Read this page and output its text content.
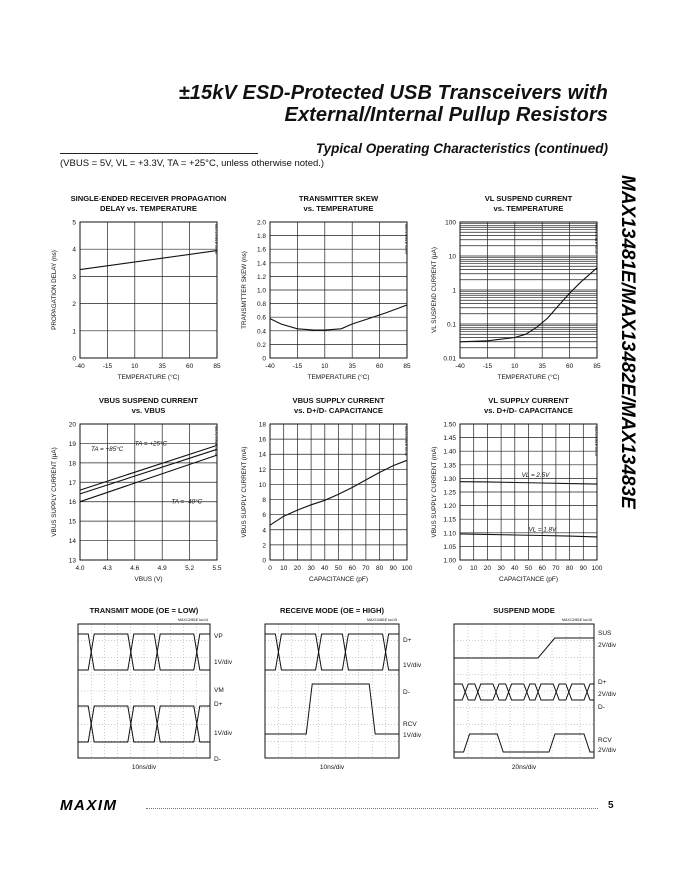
±15kV ESD-Protected USB Transceivers with
External/Internal Pullup Resistors
Typical Operating Characteristics (continued)
(VBUS = 5V, VL = +3.3V, TA = +25°C, unless otherwise noted.)
MAX13481E/MAX13482E/MAX13483E
SINGLE-ENDED RECEIVER PROPAGATION
DELAY vs. TEMPERATURE
0
1
2
3
4
5
-40	-15	10	35	60	85
TEMPERATURE (°C)
PROPAGATION DELAY (ns)
MAX13481E toc08
TRANSMITTER SKEW
vs. TEMPERATURE
0
0.2
0.4
0.6
0.8
1.0
1.2
1.4
1.6
1.8
2.0
-40	-15	10	35	60	85
TEMPERATURE (°C)
TRANSMITTER SKEW (ns)
MAX13481E toc09
VL SUSPEND CURRENT
vs. TEMPERATURE
0.01
0.1
1
10
100
-40	-15	10	35	60	85
TEMPERATURE (°C)
VL SUSPEND CURRENT (µA)
MAX13481E toc10
VBUS SUSPEND CURRENT
vs. VBUS
13
14
15
16
17
18
19
20
4.0	4.3	4.6	4.9	5.2	5.5
VBUS (V)
VBUS SUPPLY CURRENT (µA)
MAX13481E toc11
TA = +85°C
TA = +25°C
TA = -40°C
VBUS SUPPLY CURRENT
vs. D+/D- CAPACITANCE
0
2
4
6
8
10
12
14
16
18
0 10 20 30 40 50 60 70 80 90 100
CAPACITANCE (pF)
VBUS SUPPLY CURRENT (mA)
MAX13481E toc12
VL SUPPLY CURRENT
vs. D+/D- CAPACITANCE
1.00
1.05
1.10
1.15
1.20
1.25
1.30
1.35
1.40
1.45
1.50
0 10 20 30 40 50 60 70 80 90 100
CAPACITANCE (pF)
VBUS SUPPLY CURRENT (mA)
MAX13481E toc13
VL = 2.5V
VL = 1.8V
TRANSMIT MODE (OE = LOW)
MAX13481E toc14
VP
1V/div
VM
D+
1V/div
D-
10ns/div
RECEIVE MODE (OE = HIGH)
MAX13481E toc15
D+
1V/div
D-
RCV
1V/div
10ns/div
SUSPEND MODE
MAX13481E toc16
SUS
2V/div
D+
2V/div
D-
RCV
2V/div
20ns/div
MAXIM	5
